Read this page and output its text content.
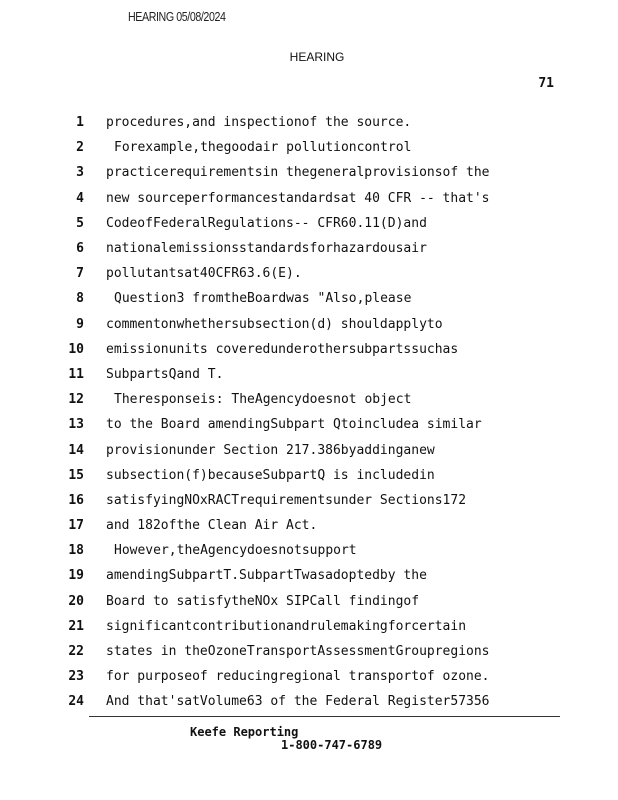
HEARING 05/08/2024
HEARING
71
1 procedures,and inspectionof the source.
2	Forexample,thegoodair pollutioncontrol
3 practicerequirementsin thegeneralprovisionsof the
4 new sourceperformancestandardsat 40 CFR -- that's
5 CodeofFederalRegulations-- CFR60.11(D)and
6 nationalemissionsstandardsforhazardousair
7 pollutantsat40CFR63.6(E).
8	Question3 fromtheBoardwas "Also,please
9 commentonwhethersubsection(d) shouldapplyto
10 emissionunits coveredunderothersubpartssuchas
11 SubpartsQand T.
12	Theresponseis: TheAgencydoesnot object
13 to the Board amendingSubpart Qtoincludea similar
14 provisionunder Section 217.386byaddinganew
15 subsection(f)becauseSubpartQ is includedin
16 satisfyingNOxRACTrequirementsunder Sections172
17 and 182ofthe Clean Air Act.
18	However,theAgencydoesnotsupport
19 amendingSubpartT.SubpartTwasadoptedby the
20 Board to satisfytheNOx SIPCall findingof
21 significantcontributionandrulemakingforcertain
22 states in theOzoneTransportAssessmentGroupregions
23 for purposeof reducingregional transportof ozone.
24 And that'satVolume63 of the Federal Register57356
Keefe Reporting
1-800-747-6789
